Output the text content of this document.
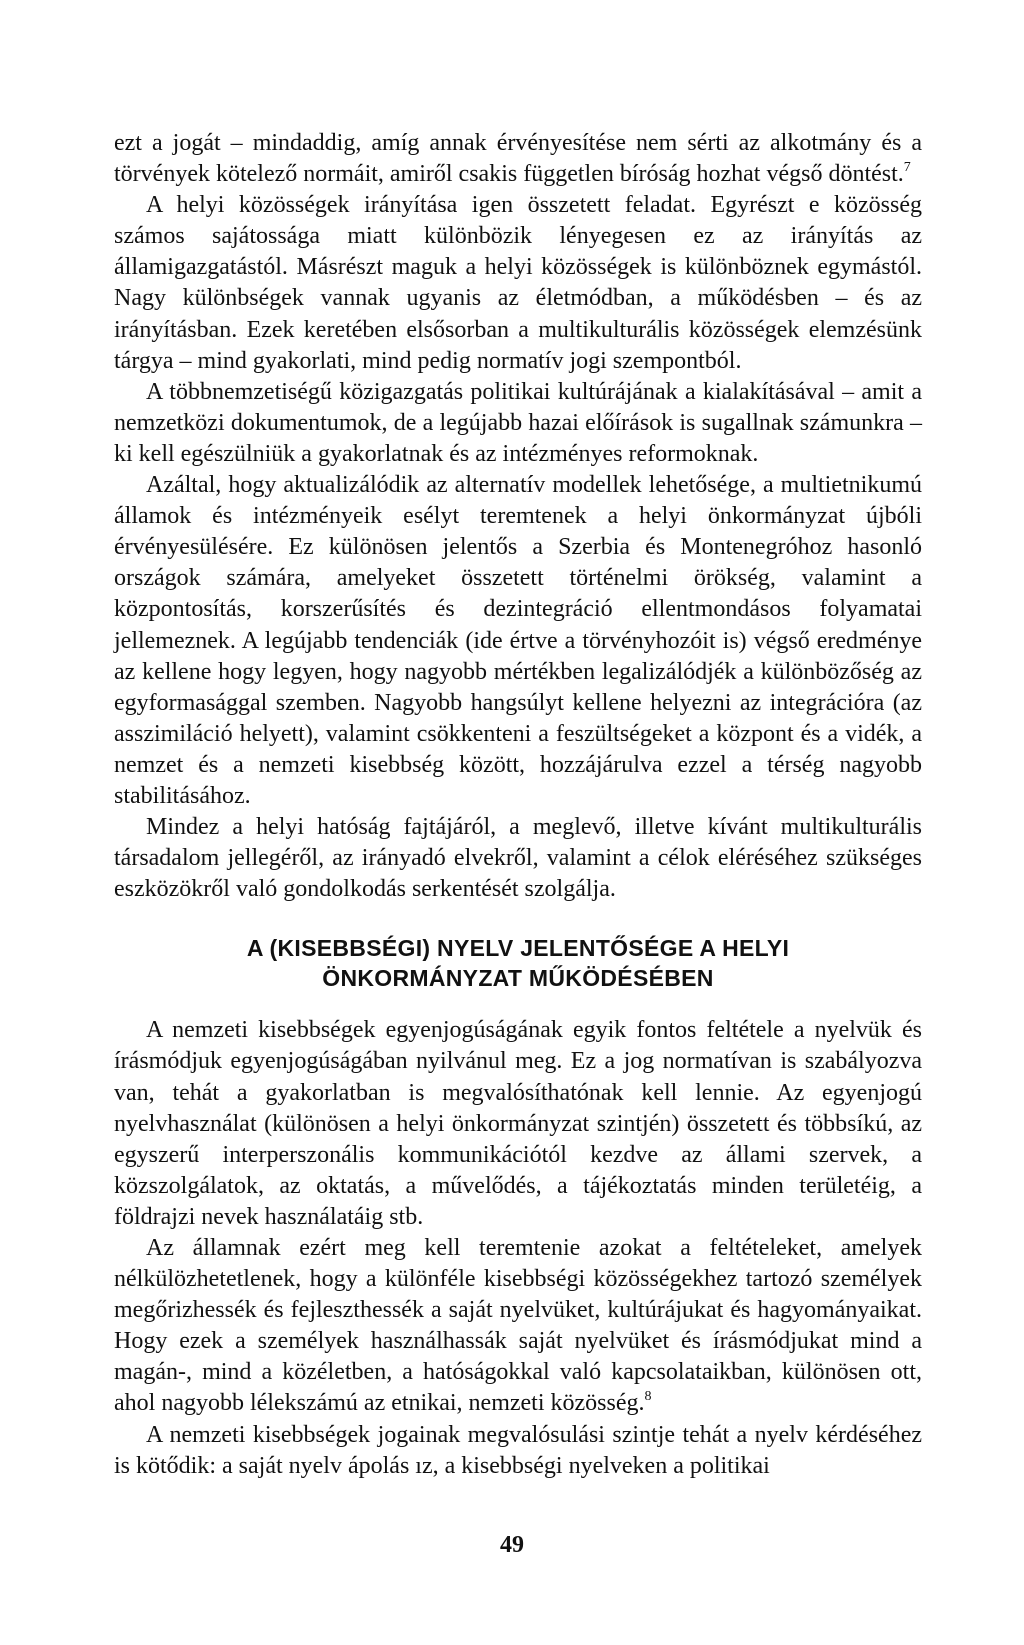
ezt a jogát – mindaddig, amíg annak érvényesítése nem sérti az alkotmány és a törvények kötelező normáit, amiről csakis független bíróság hozhat végső döntést.$^7$

A helyi közösségek irányítása igen összetett feladat. Egyrészt e közösség számos sajátossága miatt különbözik lényegesen ez az irányítás az államigazgatástól. Másrészt maguk a helyi közösségek is különböznek egymástól. Nagy különbségek vannak ugyanis az életmódban, a működésben – és az irányításban. Ezek keretében elsősorban a multikulturális közösségek elemzésünk tárgya – mind gyakorlati, mind pedig normatív jogi szempontból.

A többnemzetiségű közigazgatás politikai kultúrájának a kialakításával – amit a nemzetközi dokumentumok, de a legújabb hazai előírások is sugallnak számunkra – ki kell egészülniük a gyakorlatnak és az intézményes reformoknak.

Azáltal, hogy aktualizálódik az alternatív modellek lehetősége, a multietnikumú államok és intézményeik esélyt teremtenek a helyi önkormányzat újbóli érvényesülésére. Ez különösen jelentős a Szerbia és Montenegróhoz hasonló országok számára, amelyeket összetett történelmi örökség, valamint a központosítás, korszerűsítés és dezintegráció ellentmondásos folyamatai jellemeznek. A legújabb tendenciák (ide értve a törvényhozóit is) végső eredménye az kellene hogy legyen, hogy nagyobb mértékben legalizálódjék a különbözőség az egyformasággal szemben. Nagyobb hangsúlyt kellene helyezni az integrációra (az asszimiláció helyett), valamint csökkenteni a feszültségeket a központ és a vidék, a nemzet és a nemzeti kisebbség között, hozzájárulva ezzel a térség nagyobb stabilitásához.

Mindez a helyi hatóság fajtájáról, a meglevő, illetve kívánt multikulturális társadalom jellegéről, az irányadó elvekről, valamint a célok eléréséhez szükséges eszközökről való gondolkodás serkentését szolgálja.

A (KISEBBSÉGI) NYELV JELENTŐSÉGE A HELYI
ÖNKORMÁNYZAT MŰKÖDÉSÉBEN

A nemzeti kisebbségek egyenjogúságának egyik fontos feltétele a nyelvük és írásmódjuk egyenjogúságában nyilvánul meg. Ez a jog normatívan is szabályozva van, tehát a gyakorlatban is megvalósíthatónak kell lennie. Az egyenjogú nyelvhasználat (különösen a helyi önkormányzat szintjén) összetett és többsíkú, az egyszerű interperszonális kommunikációtól kezdve az állami szervek, a közszolgálatok, az oktatás, a művelődés, a tájékoztatás minden területéig, a földrajzi nevek használatáig stb.

Az államnak ezért meg kell teremtenie azokat a feltételeket, amelyek nélkülözhetetlenek, hogy a különféle kisebbségi közösségekhez tartozó személyek megőrizhessék és fejleszthessék a saját nyelvüket, kultúrájukat és hagyományaikat. Hogy ezek a személyek használhassák saját nyelvüket és írásmódjukat mind a magán-, mind a közéletben, a hatóságokkal való kapcsolataikban, különösen ott, ahol nagyobb lélekszámú az etnikai, nemzeti közösség.$^8$

A nemzeti kisebbségek jogainak megvalósulási szintje tehát a nyelv kérdéséhez is kötődik: a saját nyelv ápolás ız, a kisebbségi nyelveken a politikai

49
